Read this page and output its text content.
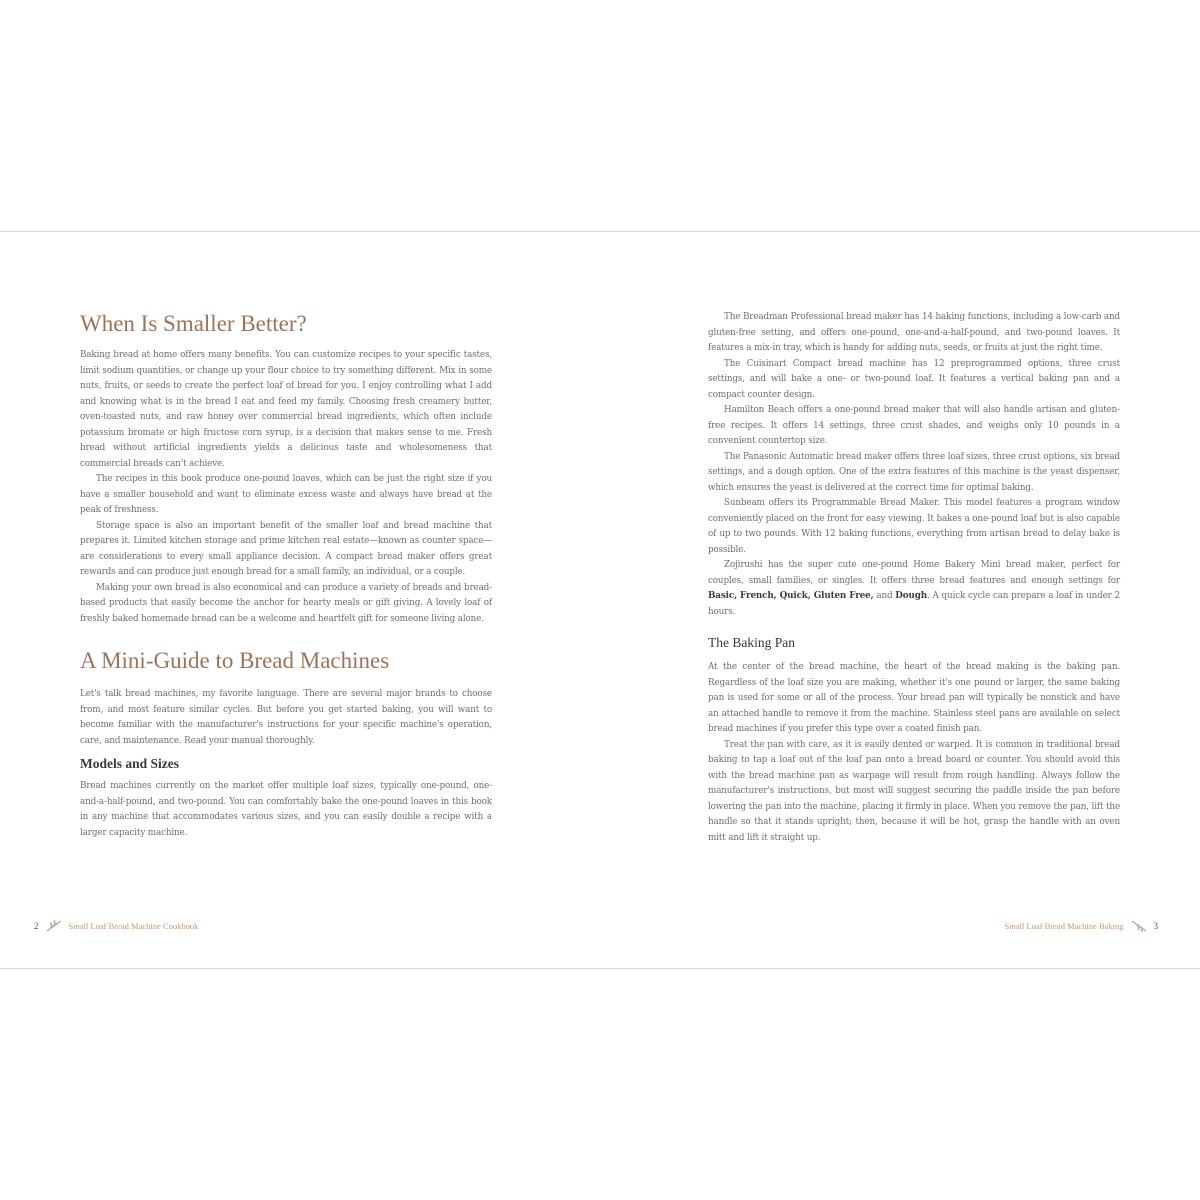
When Is Smaller Better?

Baking bread at home offers many benefits. You can customize recipes to your specific tastes, limit sodium quantities, or change up your flour choice to try something different. Mix in some nuts, fruits, or seeds to create the perfect loaf of bread for you. I enjoy controlling what I add and knowing what is in the bread I eat and feed my family. Choosing fresh creamery butter, oven-toasted nuts, and raw honey over commercial bread ingredients, which often include potassium bromate or high fructose corn syrup, is a decision that makes sense to me. Fresh bread without artificial ingredients yields a delicious taste and wholesomeness that commercial breads can't achieve.

The recipes in this book produce one-pound loaves, which can be just the right size if you have a smaller household and want to eliminate excess waste and always have bread at the peak of freshness.

Storage space is also an important benefit of the smaller loaf and bread machine that prepares it. Limited kitchen storage and prime kitchen real estate—known as counter space—are considerations to every small appliance decision. A compact bread maker offers great rewards and can produce just enough bread for a small family, an individual, or a couple.

Making your own bread is also economical and can produce a variety of breads and bread-based products that easily become the anchor for hearty meals or gift giving. A lovely loaf of freshly baked homemade bread can be a welcome and heartfelt gift for someone living alone.

A Mini-Guide to Bread Machines

Let's talk bread machines, my favorite language. There are several major brands to choose from, and most feature similar cycles. But before you get started baking, you will want to become familiar with the manufacturer's instructions for your specific machine's operation, care, and maintenance. Read your manual thoroughly.

Models and Sizes

Bread machines currently on the market offer multiple loaf sizes, typically one-pound, one-and-a-half-pound, and two-pound. You can comfortably bake the one-pound loaves in this book in any machine that accommodates various sizes, and you can easily double a recipe with a larger capacity machine.

2	Small Loaf Bread Machine Cookbook

The Breadman Professional bread maker has 14 baking functions, including a low-carb and gluten-free setting, and offers one-pound, one-and-a-half-pound, and two-pound loaves. It features a mix-in tray, which is handy for adding nuts, seeds, or fruits at just the right time.

The Cuisinart Compact bread machine has 12 preprogrammed options, three crust settings, and will bake a one- or two-pound loaf. It features a vertical baking pan and a compact counter design.

Hamilton Beach offers a one-pound bread maker that will also handle artisan and gluten-free recipes. It offers 14 settings, three crust shades, and weighs only 10 pounds in a convenient countertop size.

The Panasonic Automatic bread maker offers three loaf sizes, three crust options, six bread settings, and a dough option. One of the extra features of this machine is the yeast dispenser, which ensures the yeast is delivered at the correct time for optimal baking.

Sunbeam offers its Programmable Bread Maker. This model features a program window conveniently placed on the front for easy viewing. It bakes a one-pound loaf but is also capable of up to two pounds. With 12 baking functions, everything from artisan bread to delay bake is possible.

Zojirushi has the super cute one-pound Home Bakery Mini bread maker, perfect for couples, small families, or singles. It offers three bread features and enough settings for Basic, French, Quick, Gluten Free, and Dough. A quick cycle can prepare a loaf in under 2 hours.

The Baking Pan

At the center of the bread machine, the heart of the bread making is the baking pan. Regardless of the loaf size you are making, whether it's one pound or larger, the same baking pan is used for some or all of the process. Your bread pan will typically be nonstick and have an attached handle to remove it from the machine. Stainless steel pans are available on select bread machines if you prefer this type over a coated finish pan.

Treat the pan with care, as it is easily dented or warped. It is common in traditional bread baking to tap a loaf out of the loaf pan onto a bread board or counter. You should avoid this with the bread machine pan as warpage will result from rough handling. Always follow the manufacturer's instructions, but most will suggest securing the paddle inside the pan before lowering the pan into the machine, placing it firmly in place. When you remove the pan, lift the handle so that it stands upright; then, because it will be hot, grasp the handle with an oven mitt and lift it straight up.

Small Loaf Bread Machine Baking	3
